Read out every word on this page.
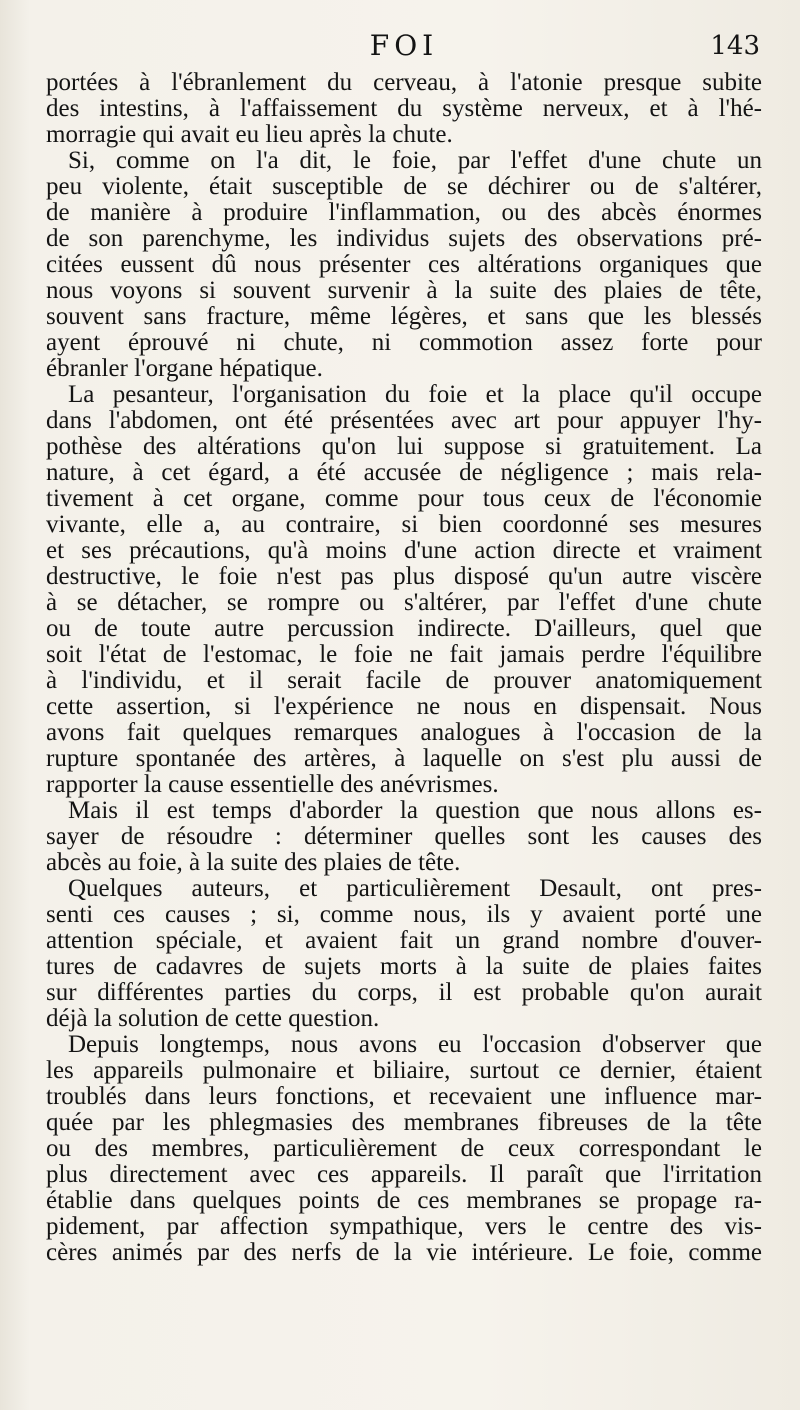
FOI	143
portées à l'ébranlement du cerveau, à l'atonie presque subite
des intestins, à l'affaissement du système nerveux, et à l'hé-
morragie qui avait eu lieu après la chute.
Si, comme on l'a dit, le foie, par l'effet d'une chute un
peu violente, était susceptible de se déchirer ou de s'altérer,
de manière à produire l'inflammation, ou des abcès énormes
de son parenchyme, les individus sujets des observations pré-
citées eussent dû nous présenter ces altérations organiques que
nous voyons si souvent survenir à la suite des plaies de tête,
souvent sans fracture, même légères, et sans que les blessés
ayent éprouvé ni chute, ni commotion assez forte pour
ébranler l'organe hépatique.
La pesanteur, l'organisation du foie et la place qu'il occupe
dans l'abdomen, ont été présentées avec art pour appuyer l'hy-
pothèse des altérations qu'on lui suppose si gratuitement. La
nature, à cet égard, a été accusée de négligence ; mais rela-
tivement à cet organe, comme pour tous ceux de l'économie
vivante, elle a, au contraire, si bien coordonné ses mesures
et ses précautions, qu'à moins d'une action directe et vraiment
destructive, le foie n'est pas plus disposé qu'un autre viscère
à se détacher, se rompre ou s'altérer, par l'effet d'une chute
ou de toute autre percussion indirecte. D'ailleurs, quel que
soit l'état de l'estomac, le foie ne fait jamais perdre l'équilibre
à l'individu, et il serait facile de prouver anatomiquement
cette assertion, si l'expérience ne nous en dispensait. Nous
avons fait quelques remarques analogues à l'occasion de la
rupture spontanée des artères, à laquelle on s'est plu aussi de
rapporter la cause essentielle des anévrismes.
Mais il est temps d'aborder la question que nous allons es-
sayer de résoudre : déterminer quelles sont les causes des
abcès au foie, à la suite des plaies de tête.
Quelques auteurs, et particulièrement Desault, ont pres-
senti ces causes ; si, comme nous, ils y avaient porté une
attention spéciale, et avaient fait un grand nombre d'ouver-
tures de cadavres de sujets morts à la suite de plaies faites
sur différentes parties du corps, il est probable qu'on aurait
déjà la solution de cette question.
Depuis longtemps, nous avons eu l'occasion d'observer que
les appareils pulmonaire et biliaire, surtout ce dernier, étaient
troublés dans leurs fonctions, et recevaient une influence mar-
quée par les phlegmasies des membranes fibreuses de la tête
ou des membres, particulièrement de ceux correspondant le
plus directement avec ces appareils. Il paraît que l'irritation
établie dans quelques points de ces membranes se propage ra-
pidement, par affection sympathique, vers le centre des vis-
cères animés par des nerfs de la vie intérieure. Le foie, comme
